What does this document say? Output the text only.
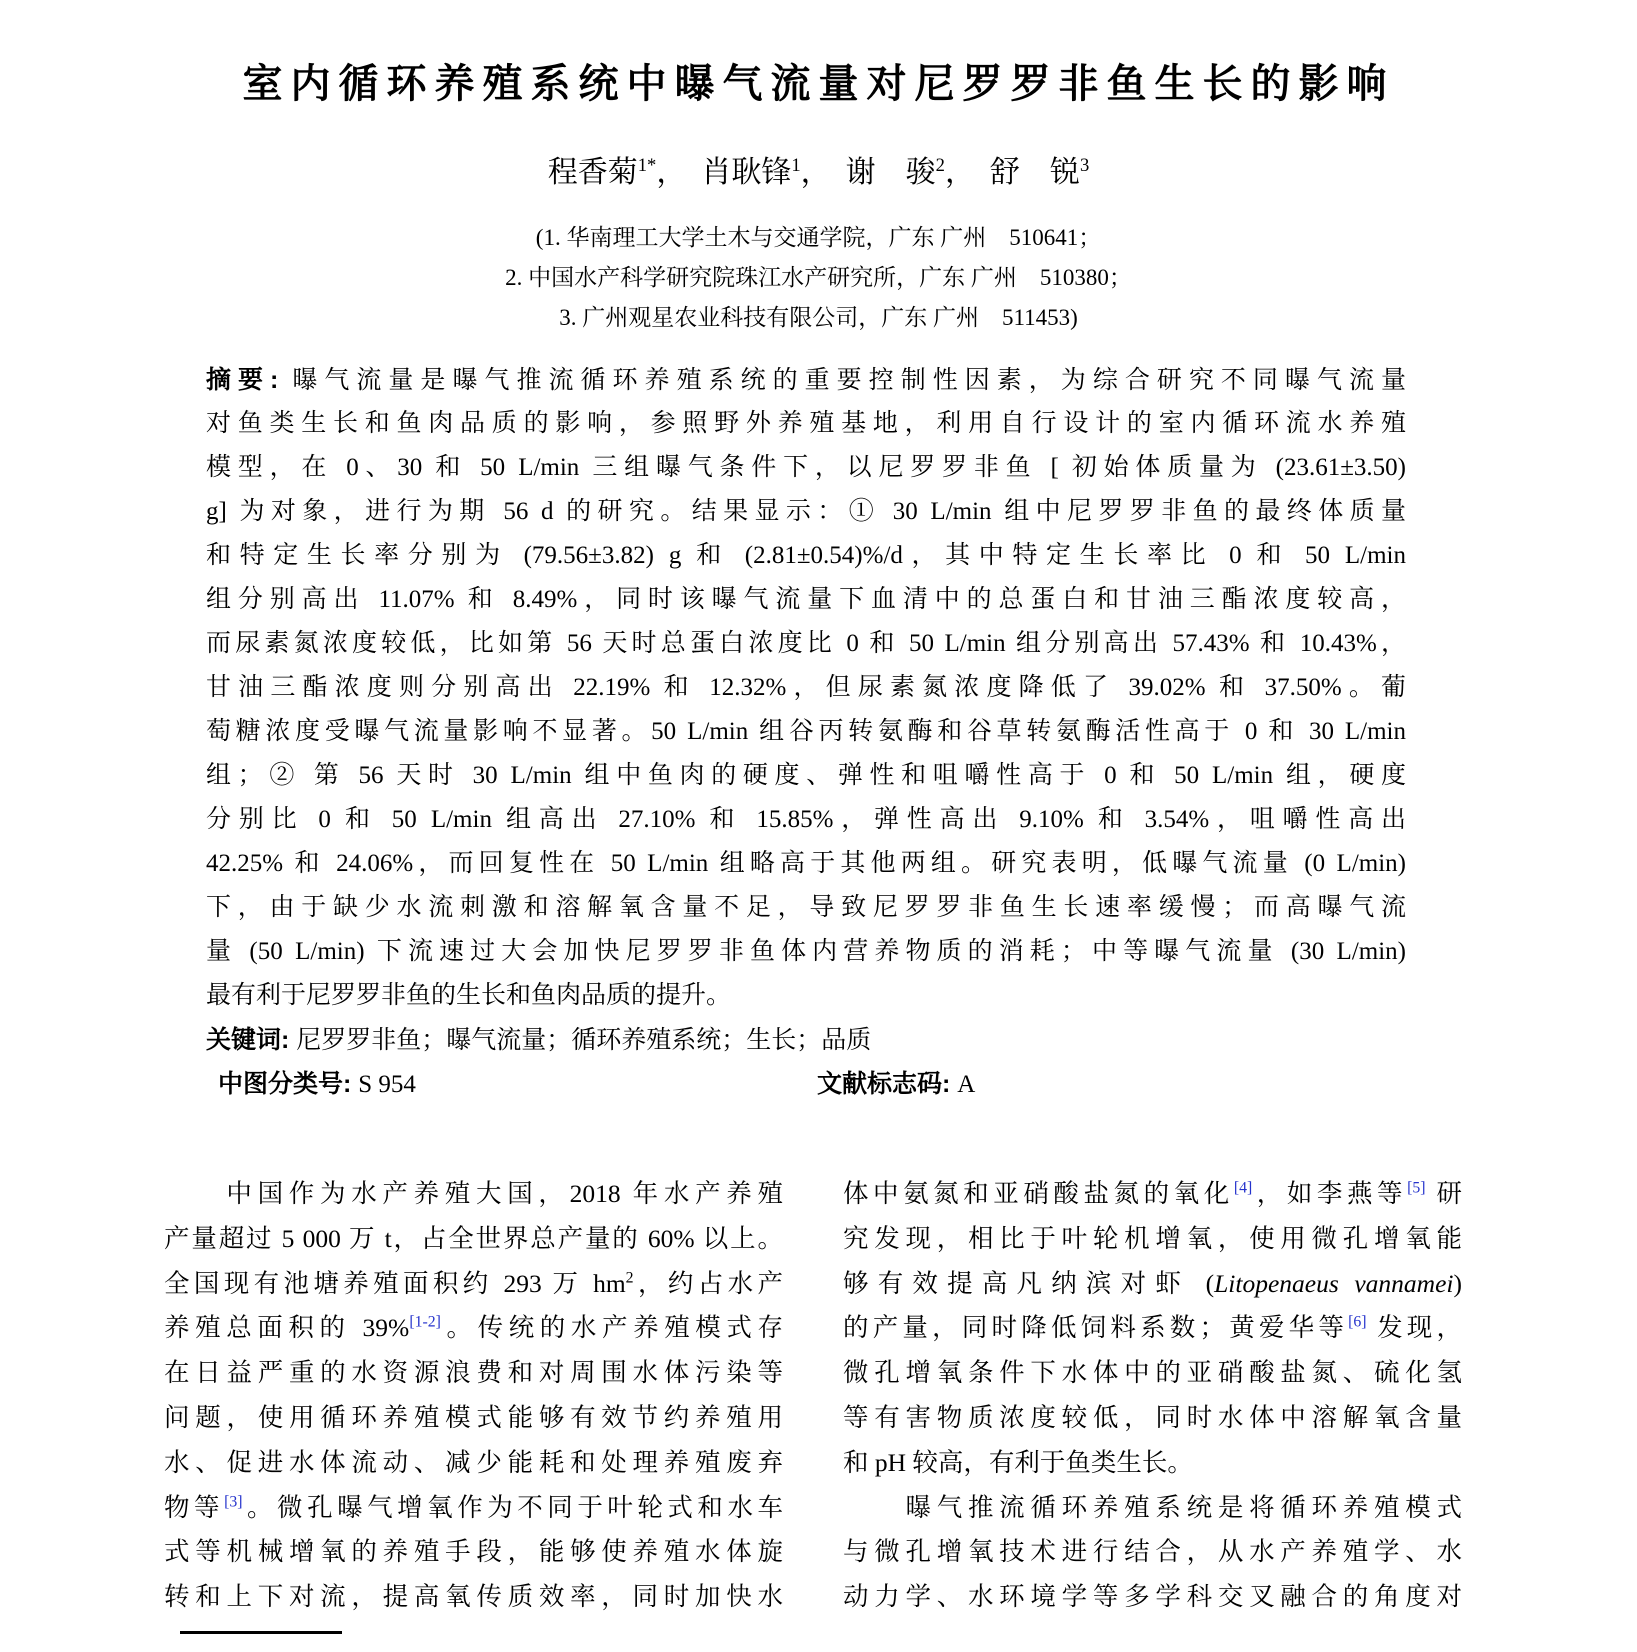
室内循环养殖系统中曝气流量对尼罗罗非鱼生长的影响
程香菊$^{1*}$，　肖耿锋$^1$，　谢　骏$^2$，　舒　锐$^3$
(1. 华南理工大学土木与交通学院，广东 广州　510641；
2. 中国水产科学研究院珠江水产研究所，广东 广州　510380；
3. 广州观星农业科技有限公司，广东 广州　511453)
摘要: 曝气流量是曝气推流循环养殖系统的重要控制性因素，为综合研究不同曝气流量
对鱼类生长和鱼肉品质的影响，参照野外养殖基地，利用自行设计的室内循环流水养殖
模型，在 0、30 和 50 L/min 三组曝气条件下，以尼罗罗非鱼 [ 初始体质量为 (23.61±3.50)
g] 为对象，进行为期 56 d 的研究。结果显示：① 30 L/min 组中尼罗罗非鱼的最终体质量
和特定生长率分别为 (79.56±3.82) g 和 (2.81±0.54)%/d，其中特定生长率比 0 和 50 L/min
组分别高出 11.07% 和 8.49%，同时该曝气流量下血清中的总蛋白和甘油三酯浓度较高，
而尿素氮浓度较低，比如第 56 天时总蛋白浓度比 0 和 50 L/min 组分别高出 57.43% 和 10.43%，
甘油三酯浓度则分别高出 22.19% 和 12.32%，但尿素氮浓度降低了 39.02% 和 37.50%。葡
萄糖浓度受曝气流量影响不显著。50 L/min 组谷丙转氨酶和谷草转氨酶活性高于 0 和 30 L/min
组；② 第 56 天时 30 L/min 组中鱼肉的硬度、弹性和咀嚼性高于 0 和 50 L/min 组，硬度
分别比 0 和 50 L/min 组高出 27.10% 和 15.85%，弹性高出 9.10% 和 3.54%，咀嚼性高出
42.25% 和 24.06%，而回复性在 50 L/min 组略高于其他两组。研究表明，低曝气流量 (0 L/min)
下，由于缺少水流刺激和溶解氧含量不足，导致尼罗罗非鱼生长速率缓慢；而高曝气流
量 (50 L/min) 下流速过大会加快尼罗罗非鱼体内营养物质的消耗；中等曝气流量 (30 L/min)
最有利于尼罗罗非鱼的生长和鱼肉品质的提升。
关键词: 尼罗罗非鱼；曝气流量；循环养殖系统；生长；品质
中图分类号: S 954	文献标志码: A
　　中国作为水产养殖大国，2018 年水产养殖
产量超过 5 000 万 t，占全世界总产量的 60% 以上。
全国现有池塘养殖面积约 293 万 $hm^2$，约占水产
养殖总面积的 39%[1-2]。传统的水产养殖模式存
在日益严重的水资源浪费和对周围水体污染等
问题，使用循环养殖模式能够有效节约养殖用
水、促进水体流动、减少能耗和处理养殖废弃
物等[3]。微孔曝气增氧作为不同于叶轮式和水车
式等机械增氧的养殖手段，能够使养殖水体旋
转和上下对流，提高氧传质效率，同时加快水
体中氨氮和亚硝酸盐氮的氧化[4]，如李燕等[5] 研
究发现，相比于叶轮机增氧，使用微孔增氧能
够有效提高凡纳滨对虾 (Litopenaeus vannamei)
的产量，同时降低饲料系数；黄爱华等[6] 发现，
微孔增氧条件下水体中的亚硝酸盐氮、硫化氢
等有害物质浓度较低，同时水体中溶解氧含量
和 pH 较高，有利于鱼类生长。
　　曝气推流循环养殖系统是将循环养殖模式
与微孔增氧技术进行结合，从水产养殖学、水
动力学、水环境学等多学科交叉融合的角度对
